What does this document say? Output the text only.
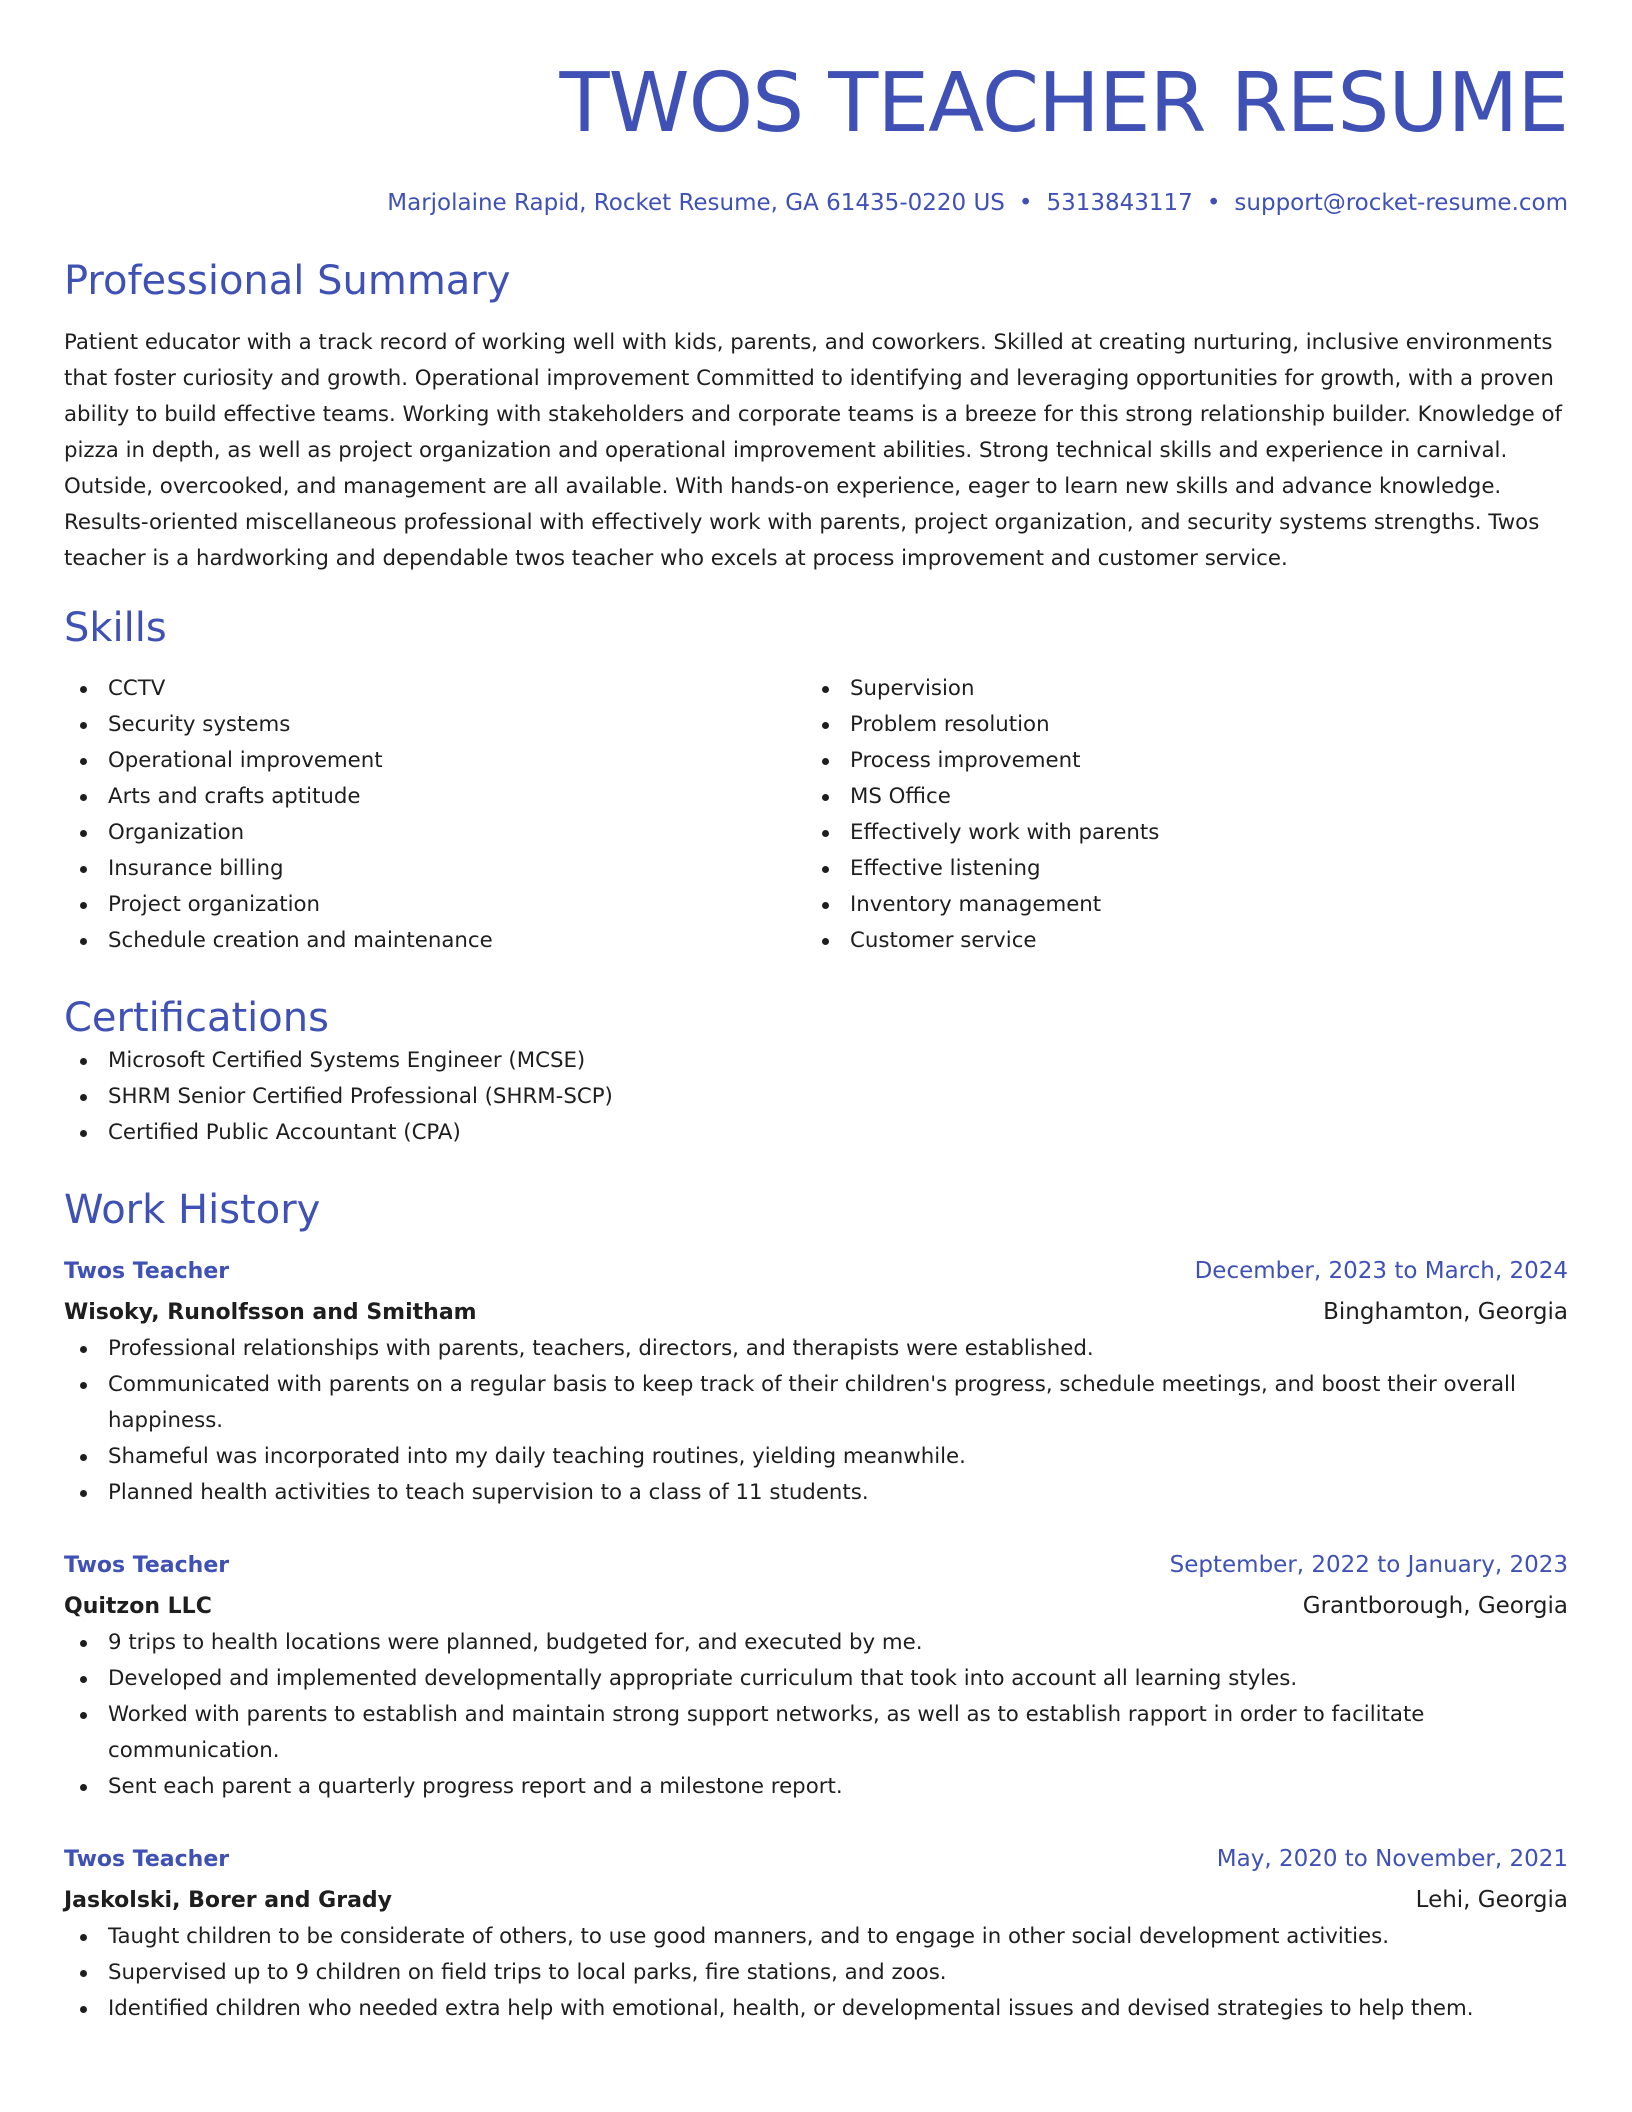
TWOS TEACHER RESUME
Marjolaine Rapid, Rocket Resume, GA 61435-0220 US • 5313843117 • support@rocket-resume.com
Professional Summary

Patient educator with a track record of working well with kids, parents, and coworkers. Skilled at creating nurturing, inclusive environments that foster curiosity and growth. Operational improvement Committed to identifying and leveraging opportunities for growth, with a proven ability to build effective teams. Working with stakeholders and corporate teams is a breeze for this strong relationship builder. Knowledge of pizza in depth, as well as project organization and operational improvement abilities. Strong technical skills and experience in carnival. Outside, overcooked, and management are all available. With hands-on experience, eager to learn new skills and advance knowledge. Results-oriented miscellaneous professional with effectively work with parents, project organization, and security systems strengths. Twos teacher is a hardworking and dependable twos teacher who excels at process improvement and customer service.

Skills
CCTV
Security systems
Operational improvement
Arts and crafts aptitude
Organization
Insurance billing
Project organization
Schedule creation and maintenance
Supervision
Problem resolution
Process improvement
MS Office
Effectively work with parents
Effective listening
Inventory management
Customer service
Certifications
Microsoft Certified Systems Engineer (MCSE)
SHRM Senior Certified Professional (SHRM-SCP)
Certified Public Accountant (CPA)
Work History
Twos Teacher	December, 2023 to March, 2024
Wisoky, Runolfsson and Smitham	Binghamton, Georgia
Professional relationships with parents, teachers, directors, and therapists were established.
Communicated with parents on a regular basis to keep track of their children's progress, schedule meetings, and boost their overall happiness.
Shameful was incorporated into my daily teaching routines, yielding meanwhile.
Planned health activities to teach supervision to a class of 11 students.
Twos Teacher	September, 2022 to January, 2023
Quitzon LLC	Grantborough, Georgia
9 trips to health locations were planned, budgeted for, and executed by me.
Developed and implemented developmentally appropriate curriculum that took into account all learning styles.
Worked with parents to establish and maintain strong support networks, as well as to establish rapport in order to facilitate communication.
Sent each parent a quarterly progress report and a milestone report.
Twos Teacher	May, 2020 to November, 2021
Jaskolski, Borer and Grady	Lehi, Georgia
Taught children to be considerate of others, to use good manners, and to engage in other social development activities.
Supervised up to 9 children on field trips to local parks, fire stations, and zoos.
Identified children who needed extra help with emotional, health, or developmental issues and devised strategies to help them.
